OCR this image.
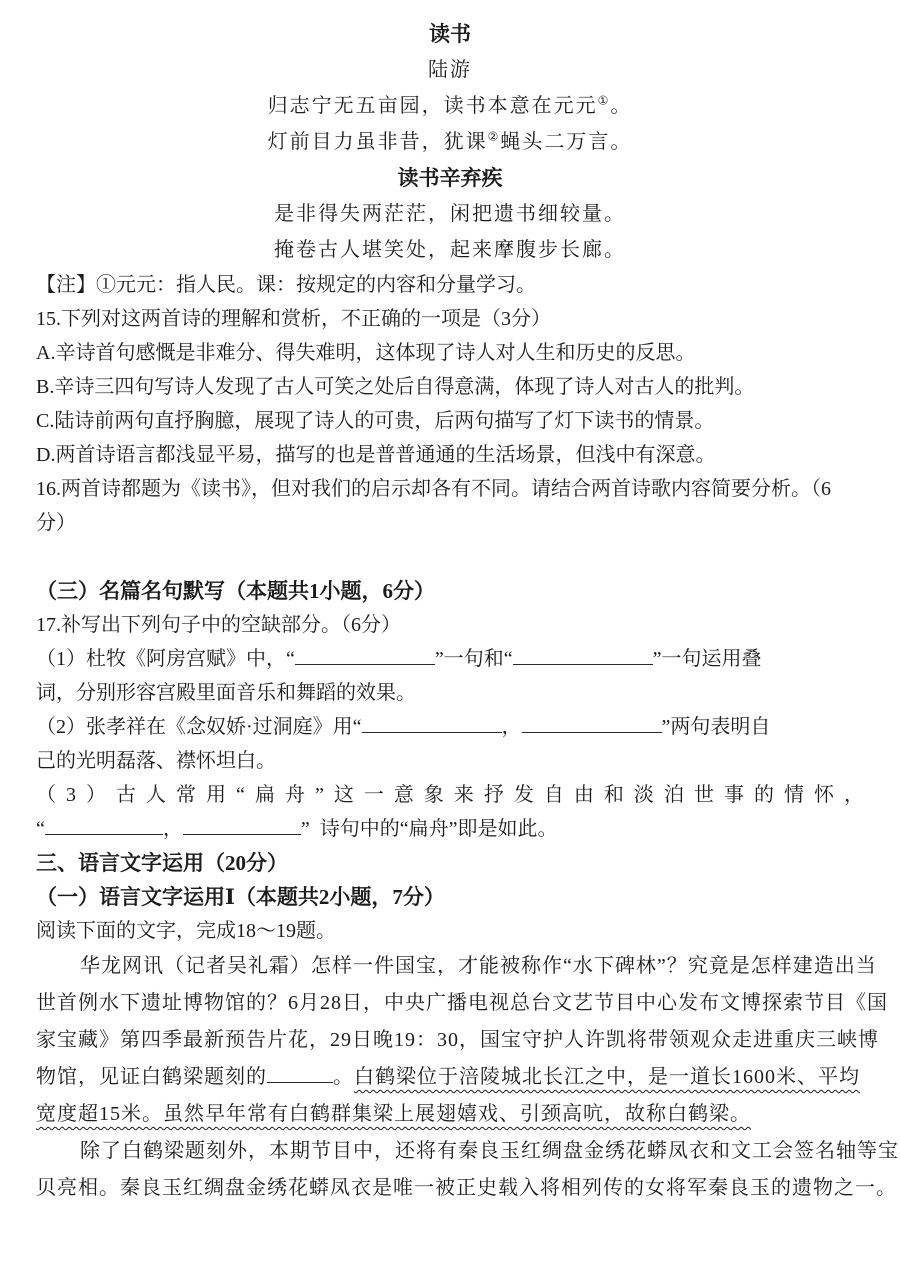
读书
陆游
归志宁无五亩园，读书本意在元元①。
灯前目力虽非昔，犹课②蝇头二万言。
读书辛弃疾
是非得失两茫茫，闲把遗书细较量。
掩卷古人堪笑处，起来摩腹步长廊。
【注】①元元：指人民。课：按规定的内容和分量学习。
15.下列对这两首诗的理解和赏析，不正确的一项是（3分）
A.辛诗首句感慨是非难分、得失难明，这体现了诗人对人生和历史的反思。
B.辛诗三四句写诗人发现了古人可笑之处后自得意满，体现了诗人对古人的批判。
C.陆诗前两句直抒胸臆，展现了诗人的可贵，后两句描写了灯下读书的情景。
D.两首诗语言都浅显平易，描写的也是普普通通的生活场景，但浅中有深意。
16.两首诗都题为《读书》，但对我们的启示却各有不同。请结合两首诗歌内容简要分析。（6
分）
（三）名篇名句默写（本题共1小题，6分）
17.补写出下列句子中的空缺部分。（6分）
（1）杜牧《阿房宫赋》中，“	”一句和“	”一句运用叠
词，分别形容宫殿里面音乐和舞蹈的效果。
（2）张孝祥在《念奴娇·过洞庭》用“	，	”两句表明自
己的光明磊落、襟怀坦白。
（3）古人常用“扁舟”这一意象来抒发自由和淡泊世事的情怀，
“	，	” 诗句中的“扁舟”即是如此。
三、语言文字运用（20分）
（一）语言文字运用Ⅰ（本题共2小题，7分）
阅读下面的文字，完成18～19题。
华龙网讯（记者吴礼霜）怎样一件国宝，才能被称作“水下碑林”？究竟是怎样建造出当
世首例水下遗址博物馆的？6月28日，中央广播电视总台文艺节目中心发布文博探索节目《国
家宝藏》第四季最新预告片花，29日晚19：30，国宝守护人许凯将带领观众走进重庆三峡博
物馆，见证白鹤梁题刻的	。白鹤梁位于涪陵城北长江之中，是一道长1600米、平均
宽度超15米。虽然早年常有白鹤群集梁上展翅嬉戏、引颈高吭，故称白鹤梁。
除了白鹤梁题刻外，本期节目中，还将有秦良玉红绸盘金绣花蟒凤衣和文工会签名轴等宝
贝亮相。秦良玉红绸盘金绣花蟒凤衣是唯一被正史载入将相列传的女将军秦良玉的遗物之一。
